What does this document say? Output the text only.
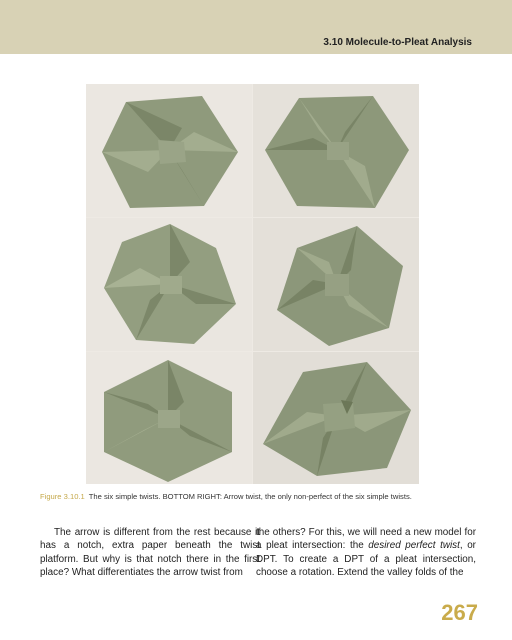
3.10 Molecule-to-Pleat Analysis
Figure 3.10.1 The six simple twists. BOTTOM RIGHT: Arrow twist, the only non-perfect of the six simple twists.
The arrow is different from the rest because it has a notch, extra paper beneath the twist platform. But why is that notch there in the first place? What differentiates the arrow twist from
the others? For this, we will need a new model for a pleat intersection: the desired perfect twist, or DPT. To create a DPT of a pleat intersection, choose a rotation. Extend the valley folds of the
267
